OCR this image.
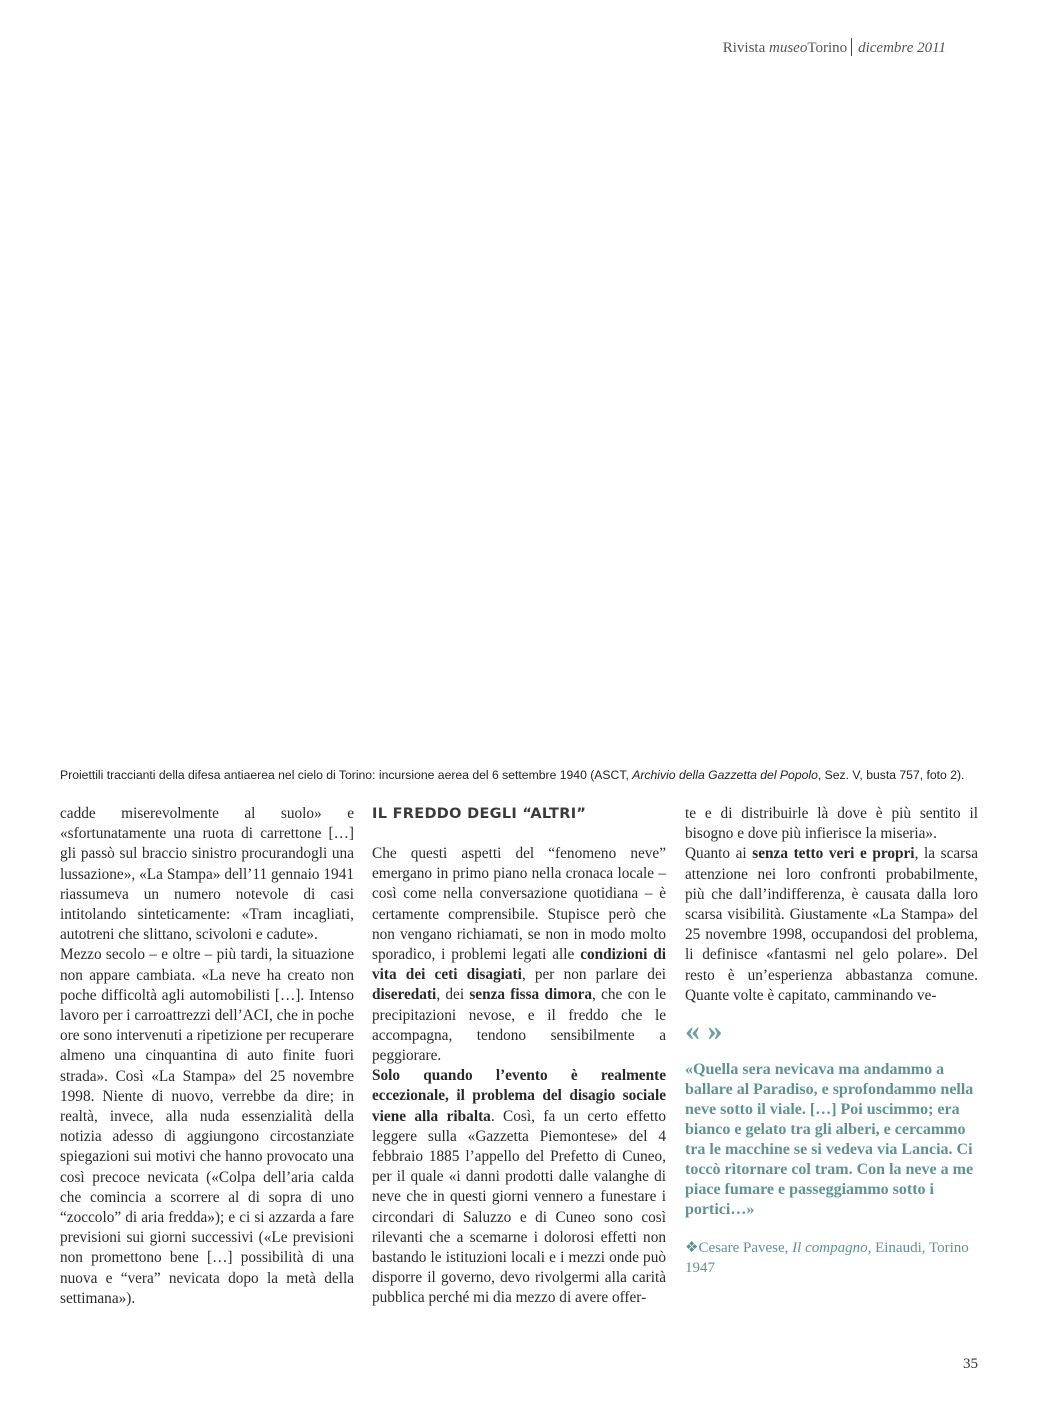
Rivista museoTorino dicembre 2011
Proiettili traccianti della difesa antiaerea nel cielo di Torino: incursione aerea del 6 settembre 1940 (ASCT, Archivio della Gazzetta del Popolo, Sez. V, busta 757, foto 2).

cadde miserevolmente al suolo» e «sfortunatamente una ruota di carrettone […] gli passò sul braccio sinistro procurandogli una lussazione», «La Stampa» dell’11 gennaio 1941 riassumeva un numero notevole di casi intitolando sinteticamente: «Tram incagliati, autotreni che slittano, scivoloni e cadute».

Mezzo secolo – e oltre – più tardi, la situazione non appare cambiata. «La neve ha creato non poche difficoltà agli automobilisti […]. Intenso lavoro per i carroattrezzi dell’ACI, che in poche ore sono intervenuti a ripetizione per recuperare almeno una cinquantina di auto finite fuori strada». Così «La Stampa» del 25 novembre 1998. Niente di nuovo, verrebbe da dire; in realtà, invece, alla nuda essenzialità della notizia adesso di aggiungono circostanziate spiegazioni sui motivi che hanno provocato una così precoce nevicata («Colpa dell’aria calda che comincia a scorrere al di sopra di uno “zoccolo” di aria fredda»); e ci si azzarda a fare previsioni sui giorni successivi («Le previsioni non promettono bene […] possibilità di una nuova e “vera” nevicata dopo la metà della settimana»).

IL FREDDO DEGLI “ALTRI”

Che questi aspetti del “fenomeno neve” emergano in primo piano nella cronaca locale – così come nella conversazione quotidiana – è certamente comprensibile. Stupisce però che non vengano richiamati, se non in modo molto sporadico, i problemi legati alle condizioni di vita dei ceti disagiati, per non parlare dei diseredati, dei senza fissa dimora, che con le precipitazioni nevose, e il freddo che le accompagna, tendono sensibilmente a peggiorare.

Solo quando l’evento è realmente eccezionale, il problema del disagio sociale viene alla ribalta. Così, fa un certo effetto leggere sulla «Gazzetta Piemontese» del 4 febbraio 1885 l’appello del Prefetto di Cuneo, per il quale «i danni prodotti dalle valanghe di neve che in questi giorni vennero a funestare i circondari di Saluzzo e di Cuneo sono così rilevanti che a scemarne i dolorosi effetti non bastando le istituzioni locali e i mezzi onde può disporre il governo, devo rivolgermi alla carità pubblica perché mi dia mezzo di avere offer-

te e di distribuirle là dove è più sentito il bisogno e dove più infierisce la miseria».

Quanto ai senza tetto veri e propri, la scarsa attenzione nei loro confronti probabilmente, più che dall’indifferenza, è causata dalla loro scarsa visibilità. Giustamente «La Stampa» del 25 novembre 1998, occupandosi del problema, li definisce «fantasmi nel gelo polare». Del resto è un’esperienza abbastanza comune. Quante volte è capitato, camminando ve-

« »
«Quella sera nevicava ma andammo a ballare al Paradiso, e sprofondammo nella neve sotto il viale. […] Poi uscimmo; era bianco e gelato tra gli alberi, e cercammo tra le macchine se si vedeva via Lancia. Ci toccò ritornare col tram. Con la neve a me piace fumare e passeggiammo sotto i portici…»
❖Cesare Pavese, Il compagno, Einaudi, Torino 1947
35
